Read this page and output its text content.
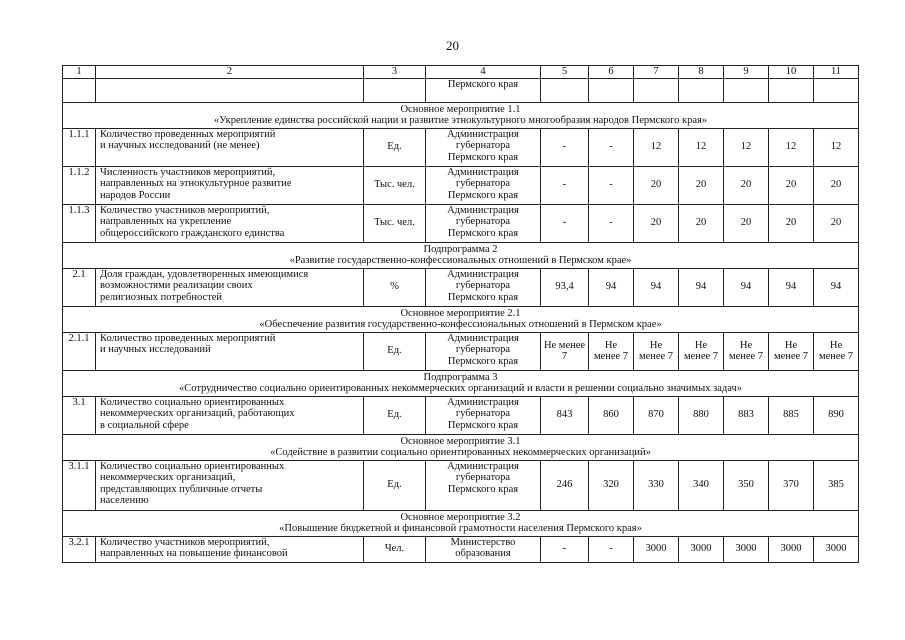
20
1	2	3	4	5	6	7	8	9	10	11
			Пермского края							

Основное мероприятие 1.1
«Укрепление единства российской нации и развитие этнокультурного многообразия народов Пермского края»										

1.1.1	Количество проведенных мероприятий
и научных исследований (не менее)	Ед.	Администрация
губернатора
Пермского края	-	-	12	12	12	12	12
1.1.2	Численность участников мероприятий,
направленных на этнокультурное развитие
народов России	Тыс. чел.	Администрация
губернатора
Пермского края	-	-	20	20	20	20	20
1.1.3	Количество участников мероприятий,
направленных на укрепление
общероссийского гражданского единства	Тыс. чел.	Администрация
губернатора
Пермского края	-	-	20	20	20	20	20

Подпрограмма 2
«Развитие государственно-конфессиональных отношений в Пермском крае»										

2.1	Доля граждан, удовлетворенных имеющимися
возможностями реализации своих
религиозных потребностей	%	Администрация
губернатора
Пермского края	93,4	94	94	94	94	94	94

Основное мероприятие 2.1
«Обеспечение развития государственно-конфессиональных отношений в Пермском крае»										

2.1.1	Количество проведенных мероприятий
и научных исследований	Ед.	Администрация
губернатора
Пермского края	Не менее 7	Не менее 7	Не менее 7	Не менее 7	Не менее 7	Не менее 7	Не менее 7

Подпрограмма 3
«Сотрудничество социально ориентированных некоммерческих организаций и власти в решении социально значимых задач»										

3.1	Количество социально ориентированных
некоммерческих организаций, работающих
в социальной сфере	Ед.	Администрация
губернатора
Пермского края	843	860	870	880	883	885	890

Основное мероприятие 3.1
«Содействие в развитии социально ориентированных некоммерческих организаций»										

3.1.1	Количество социально ориентированных
некоммерческих организаций,
представляющих публичные отчеты
населению	Ед.	Администрация
губернатора
Пермского края	246	320	330	340	350	370	385

Основное мероприятие 3.2
«Повышение бюджетной и финансовой грамотности населения Пермского края»										

3.2.1	Количество участников мероприятий,
направленных на повышение финансовой	Чел.	Министерство
образования	-	-	3000	3000	3000	3000	3000
